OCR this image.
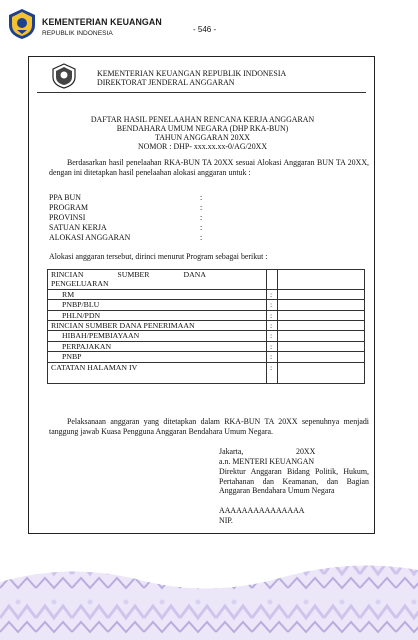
KEMENTERIAN KEUANGAN
REPUBLIK INDONESIA	- 546 -
KEMENTERIAN KEUANGAN REPUBLIK INDONESIA
DIREKTORAT JENDERAL ANGGARAN
DAFTAR HASIL PENELAAHAN RENCANA KERJA ANGGARAN
BENDAHARA UMUM NEGARA (DHP RKA-BUN)
TAHUN ANGGARAN 20XX
NOMOR : DHP- xxx.xx.xx-0/AG/20XX
Berdasarkan hasil penelaahan RKA-BUN TA 20XX sesuai Alokasi Anggaran BUN TA 20XX, dengan ini ditetapkan hasil penelaahan alokasi anggaran untuk :
PPA BUN	:
PROGRAM	:
PROVINSI	:
SATUAN KERJA	:
ALOKASI ANGGARAN	:
Alokasi anggaran tersebut, dirinci menurut Program sebagai berikut :
RINCIAN SUMBER DANA
PENGELUARAN		
RM	:	
PNBP/BLU	:	
PHLN/PDN	:	
RINCIAN SUMBER DANA PENERIMAAN	:	
HIBAH/PEMBIAYAAN	:	
PERPAJAKAN	:	
PNBP	:	
CATATAN HALAMAN IV	:	
Pelaksanaan anggaran yang ditetapkan dalam RKA-BUN TA 20XX sepenuhnya menjadi tanggung jawab Kuasa Pengguna Anggaran Bendahara Umum Negara.
Jakarta,	20XX
a.n. MENTERI KEUANGAN
Direktur Anggaran Bidang Politik, Hukum, Pertahanan dan Keamanan, dan Bagian Anggaran Bendahara Umum Negara
AAAAAAAAAAAAAAA
NIP.
